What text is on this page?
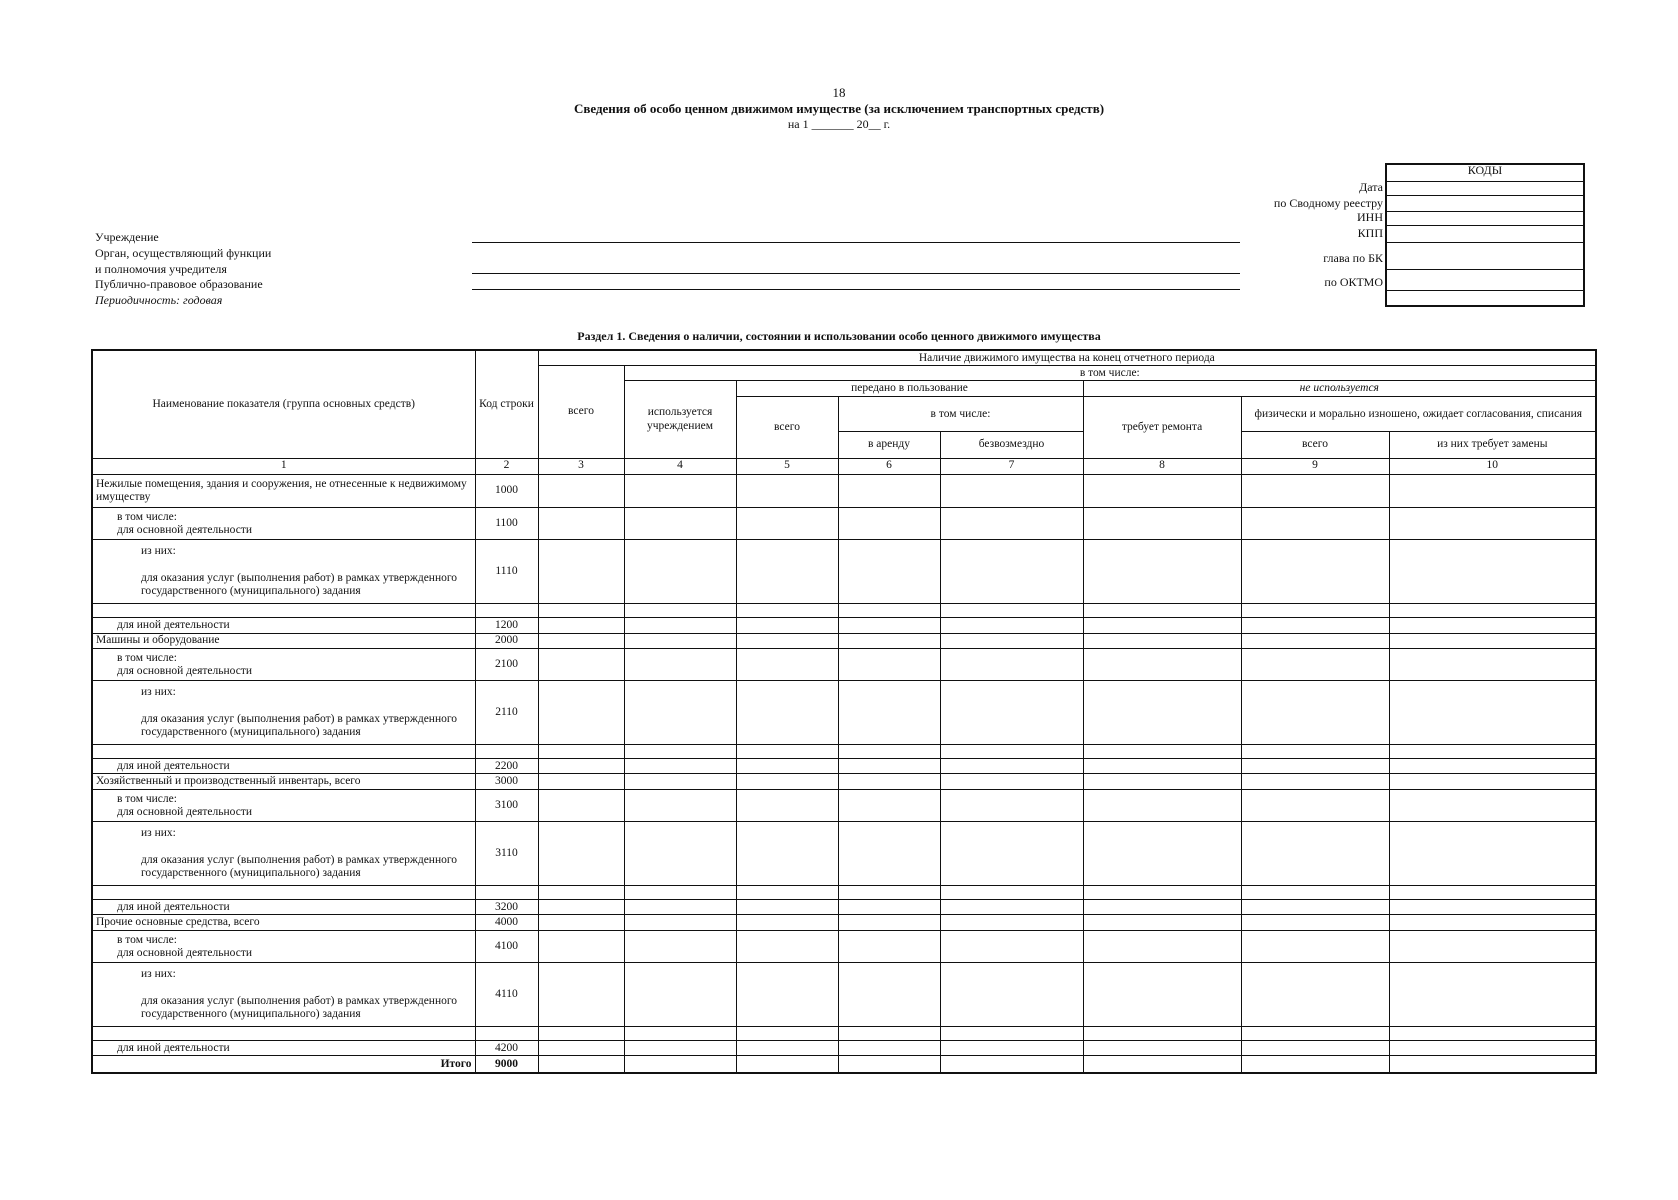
18
Сведения об особо ценном движимом имуществе (за исключением транспортных средств)
на 1 _______ 20__ г.
КОДЫ
Дата
по Сводному реестру
ИНН
КПП
глава по БК
по ОКТМО
Учреждение
Орган, осуществляющий функции
и полномочия учредителя
Публично-правовое образование
Периодичность: годовая
Раздел 1. Сведения о наличии, состоянии и использовании особо ценного движимого имущества
Наименование показателя (группа основных средств)	Код строки	Наличие движимого имущества на конец отчетного периода							
		всего	в том числе:						
			используется учреждением	передано в пользование			не используется		
				всего	в том числе:		требует ремонта	физически и морально изношено, ожидает согласования, списания	

					в аренду	безвозмездно		всего	из них требует замены
1	2	3	4	5	6	7	8	9	10
Нежилые помещения, здания и сооружения, не отнесенные к недвижимому имуществу	1000								

в том числе:
для основной деятельности	1100								

из них:
для оказания услуг (выполнения работ) в рамках утвержденного государственного (муниципального) задания	1110								

для иной деятельности	1200								
Машины и оборудование	2000								

в том числе:
для основной деятельности	2100								

из них:
для оказания услуг (выполнения работ) в рамках утвержденного государственного (муниципального) задания	2110								

для иной деятельности	2200								
Хозяйственный и производственный инвентарь, всего	3000								

в том числе:
для основной деятельности	3100								

из них:
для оказания услуг (выполнения работ) в рамках утвержденного государственного (муниципального) задания	3110								

для иной деятельности	3200								
Прочие основные средства, всего	4000								

в том числе:
для основной деятельности	4100								

из них:
для оказания услуг (выполнения работ) в рамках утвержденного государственного (муниципального) задания	4110								

для иной деятельности	4200								
Итого	9000								
